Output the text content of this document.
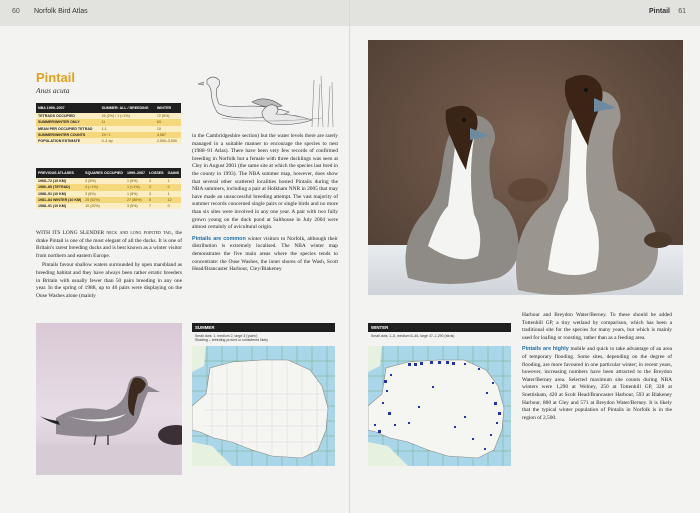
60 Norfolk Bird Atlas
Pintail
Anas acuta
NBA 1999–2007	SUMMER: ALL / BREEDING	WINTER
TETRADS OCCUPIED	25 (2%) / 1 (<1%)	72 (5%)
SUMMER/WINTER ONLY	11	63
MEAN PER OCCUPIED TETRAD	1.1	10
SUMMER/WINTER COUNTS	29 / 1	4,587
POPULATION ESTIMATE	0–1 bp	2,000–3,000
PREVIOUS ATLASES	SQUARES OCCUPIED	1999–2007	LOSSES	GAINS
1968–72 (10 KM)	3 (5%)	1 (5%)	3	1
1980–85 (TETRAD)	4 (<1%)	1 (<1%)	3	0
1988–91 (10 KM)	3 (6%)	1 (5%)	3	1
1981–84 WINTER (10 KM)	25 (52%)	27 (56%)	5	12
1988–91 (10 KM)	10 (20%)	3 (5%)	7	0

WITH ITS LONG SLENDER neck and long pointed tail, the drake Pintail is one of the most elegant of all the ducks. It is one of Britain's rarest breeding ducks and is best known as a winter visitor from northern and eastern Europe.

Pintails favour shallow waters surrounded by open marshland as breeding habitat and they have always been rather erratic breeders in Britain with usually fewer than 50 pairs breeding in any one year. In the spring of 1988, up to 46 pairs were displaying on the Ouse Washes alone (mainly

in the Cambridgeshire section) but the water levels there are rarely managed in a suitable manner to encourage the species to nest (1988–91 Atlas). There have been very few records of confirmed breeding in Norfolk but a female with three ducklings was seen at Cley in August 2001 (the same site at which the species last bred in the county in 1993). The NBA summer map, however, does show that several other scattered localities hosted Pintails during the NBA summers, including a pair at Holkham NNR in 2005 that may have made an unsuccessful breeding attempt. The vast majority of summer records concerned single pairs or single birds and no more than six sites were involved in any one year. A pair with two fully grown young on the duck pond at Salthouse in July 2004 were almost certainly of avicultural origin.

Pintails are common winter visitors to Norfolk, although their distribution is extremely localised. The NBA winter map demonstrates the five main areas where the species tends to concentrate: the Ouse Washes, the inner shores of the Wash, Scott Head/Brancaster Harbour, Cley/Blakeney

SUMMER
Small dots: 1, medium 2, large 3 ('pairs')
Shading – breeding proved or considered likely
Pintail 61

Harbour and Breydon Water/Berney. To these should be added Tottenhill GP, a tiny wetland by comparison, which has been a traditional site for the species for many years, but which is mainly used for loafing or roosting, rather than as a feeding area.

Pintails are highly mobile and quick to take advantage of an area of temporary flooding. Some sites, depending on the degree of flooding, are more favoured in one particular winter; in recent years, however, increasing numbers have been attracted to the Breydon Water/Berney area. Selected maximum site counts during NBA winters were 1,290 at Welney, 250 at Tottenhill GP, 328 at Snettisham, 420 at Scolt Head/Brancaster Harbour, 593 at Blakeney Harbour, 800 at Cley and 571 at Breydon Water/Berney. It is likely that the typical winter population of Pintails in Norfolk is in the region of 2,500.

WINTER
Small dots: 1–5, medium 6–46, large 47–1,290 (birds)
